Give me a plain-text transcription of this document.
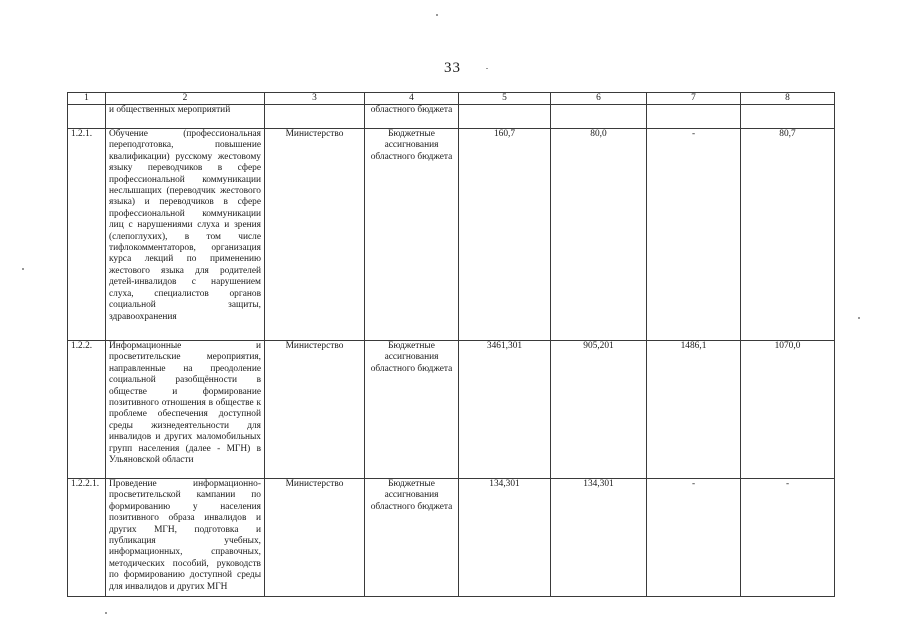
33
1	2	3	4	5	6	7	8
	и общественных мероприятий		областного бюджета				
1.2.1.	Обучение (профессиональная переподготовка, повышение квалификации) русскому жестовому языку переводчиков в сфере профессиональной коммуникации неслышащих (переводчик жестового языка) и переводчиков в сфере профессиональной коммуникации лиц с нарушениями слуха и зрения (слепоглухих), в том числе тифлокомментаторов, организация курса лекций по применению жестового языка для родителей детей-инвалидов с нарушением слуха, специалистов органов социальной защиты, здравоохранения	Министерство	Бюджетные ассигнования областного бюджета	160,7	80,0	-	80,7
1.2.2.	Информационные и просветительские мероприятия, направленные на преодоление социальной разобщённости в обществе и формирование позитивного отношения в обществе к проблеме обеспечения доступной среды жизнедеятельности для инвалидов и других маломобильных групп населения (далее - МГН) в Ульяновской области	Министерство	Бюджетные ассигнования областного бюджета	3461,301	905,201	1486,1	1070,0
1.2.2.1.	Проведение информационно-просветительской кампании по формированию у населения позитивного образа инвалидов и других МГН, подготовка и публикация учебных, информационных, справочных, методических пособий, руководств по формированию доступной среды для инвалидов и других МГН	Министерство	Бюджетные ассигнования областного бюджета	134,301	134,301	-	-
